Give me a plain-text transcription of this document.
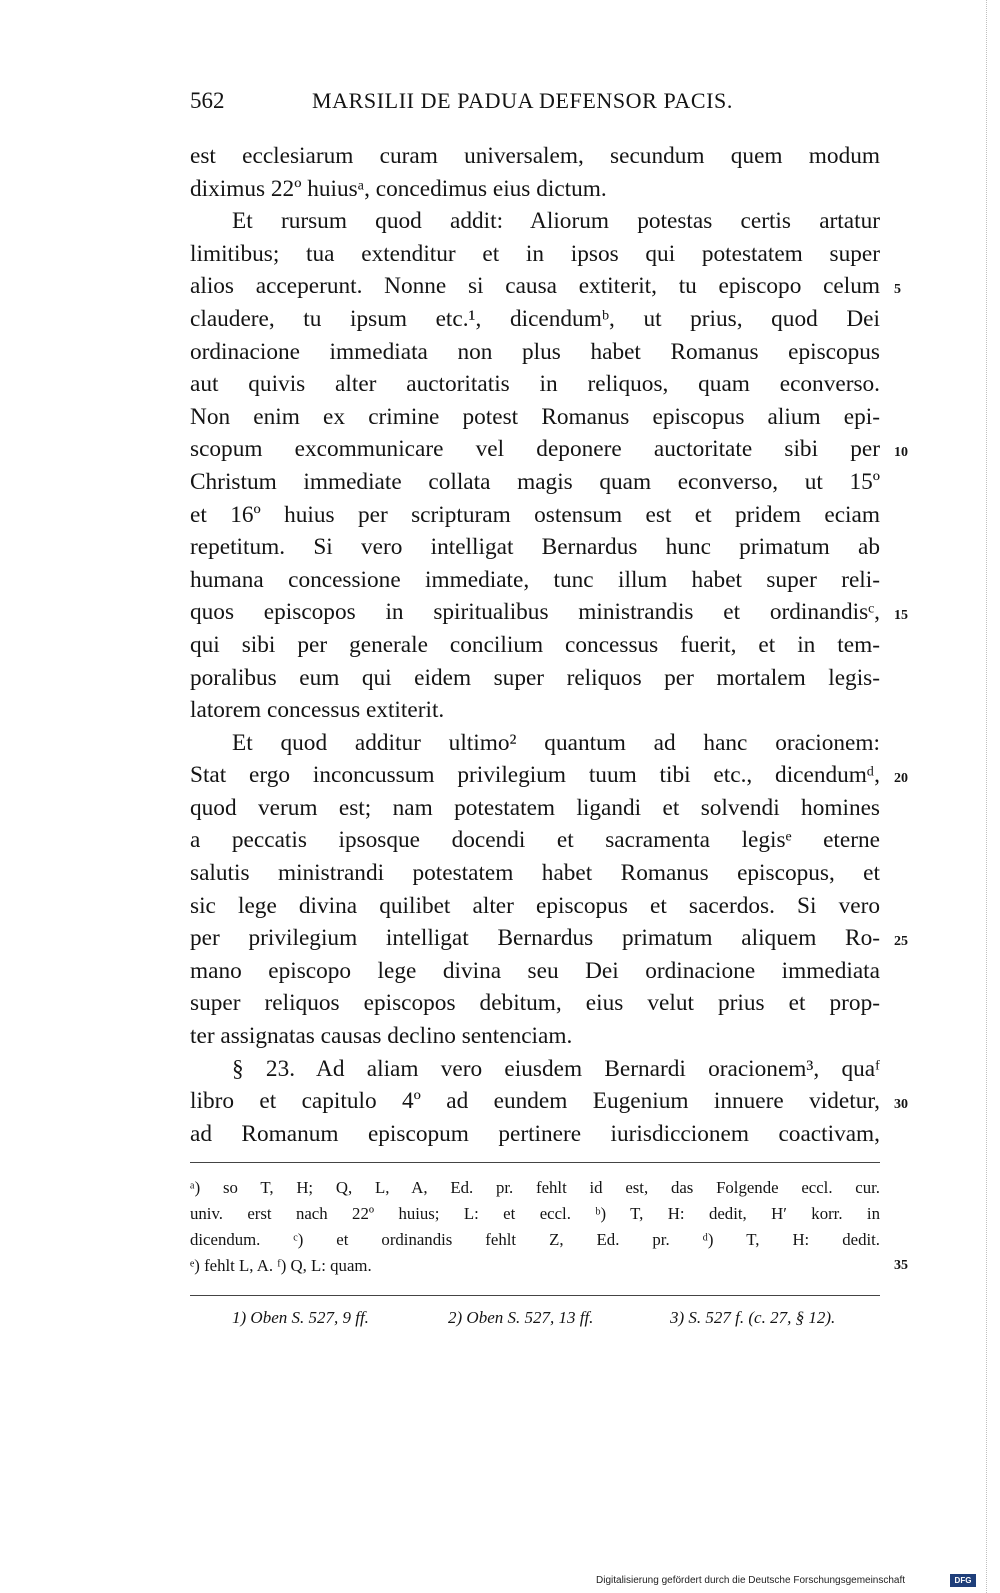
562	MARSILII DE PADUA DEFENSOR PACIS.
est ecclesiarum curam universalem, secundum quem modum
diximus 22º huiusᵃ, concedimus eius dictum.
Et rursum quod addit: Aliorum potestas certis artatur
limitibus; tua extenditur et in ipsos qui potestatem super
alios acceperunt. Nonne si causa extiterit, tu episcopo celum
claudere, tu ipsum etc.¹, dicendumᵇ, ut prius, quod Dei
ordinacione immediata non plus habet Romanus episcopus
aut quivis alter auctoritatis in reliquos, quam econverso.
Non enim ex crimine potest Romanus episcopus alium epi-
scopum excommunicare vel deponere auctoritate sibi per
Christum immediate collata magis quam econverso, ut 15º
et 16º huius per scripturam ostensum est et pridem eciam
repetitum. Si vero intelligat Bernardus hunc primatum ab
humana concessione immediate, tunc illum habet super reli-
quos episcopos in spiritualibus ministrandis et ordinandisᶜ,
qui sibi per generale concilium concessus fuerit, et in tem-
poralibus eum qui eidem super reliquos per mortalem legis-
latorem concessus extiterit.
Et quod additur ultimo² quantum ad hanc oracionem:
Stat ergo inconcussum privilegium tuum tibi etc., dicendumᵈ,
quod verum est; nam potestatem ligandi et solvendi homines
a peccatis ipsosque docendi et sacramenta legisᵉ eterne
salutis ministrandi potestatem habet Romanus episcopus, et
sic lege divina quilibet alter episcopus et sacerdos. Si vero
per privilegium intelligat Bernardus primatum aliquem Ro-
mano episcopo lege divina seu Dei ordinacione immediata
super reliquos episcopos debitum, eius velut prius et prop-
ter assignatas causas declino sentenciam.
§ 23. Ad aliam vero eiusdem Bernardi oracionem³, quaᶠ
libro et capitulo 4º ad eundem Eugenium innuere videtur,
ad Romanum episcopum pertinere iurisdiccionem coactivam,
5
10
15
20
25
30
35
ᵃ) so T, H; Q, L, A, Ed. pr. fehlt id est, das Folgende eccl. cur.
univ. erst nach 22º huius; L: et eccl. ᵇ) T, H: dedit, H′ korr. in
dicendum. ᶜ) et ordinandis fehlt Z, Ed. pr. ᵈ) T, H: dedit.
ᵉ) fehlt L, A. ᶠ) Q, L: quam.
1) Oben S. 527, 9 ff.	2) Oben S. 527, 13 ff.	3) S. 527 f. (c. 27, § 12).
Digitalisierung gefördert durch die Deutsche Forschungsgemeinschaft	DFG
